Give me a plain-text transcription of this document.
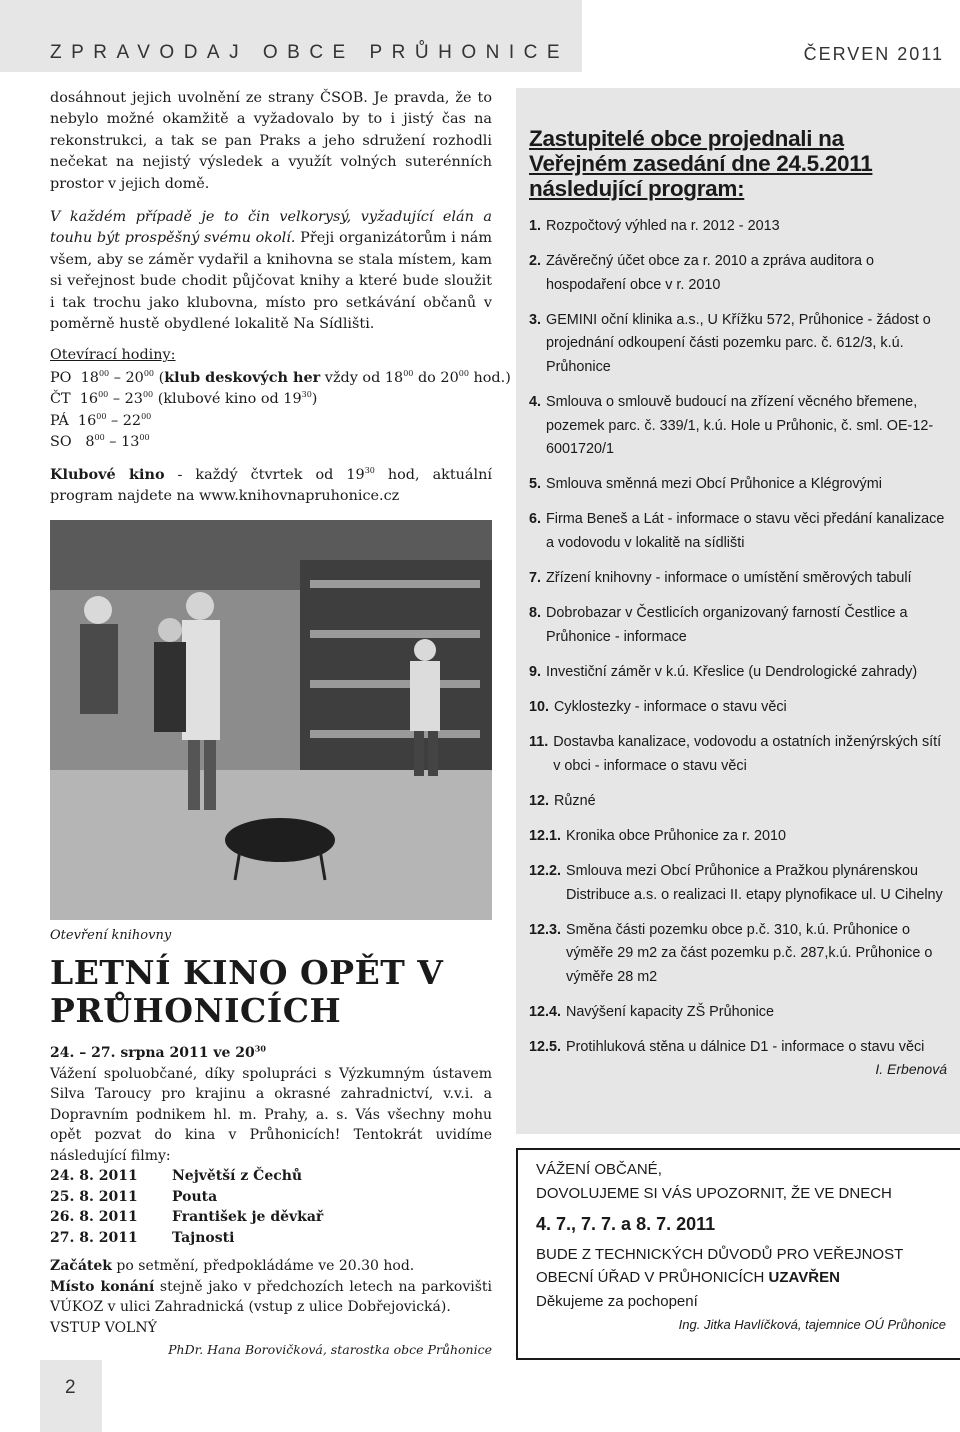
ZPRAVODAJ OBCE PRŮHONICE	ČERVEN 2011

dosáhnout jejich uvolnění ze strany ČSOB. Je pravda, že to nebylo možné okamžitě a vyžadovalo by to i jistý čas na rekonstrukci, a tak se pan Praks a jeho sdružení rozhodli nečekat na nejistý výsledek a využít volných suterénních prostor v jejich domě.

V každém případě je to čin velkorysý, vyžadující elán a touhu být prospěšný svému okolí. Přeji organizátorům i nám všem, aby se záměr vydařil a knihovna se stala místem, kam si veřejnost bude chodit půjčovat knihy a které bude sloužit i tak trochu jako klubovna, místo pro setkávání občanů v poměrně hustě obydlené lokalitě Na Sídlišti.

Otevírací hodiny:
PO $18^{00} - 20^{00}$ (klub deskových her vždy od $18^{00}$ do $20^{00}$ hod.)
ČT $16^{00} - 23^{00}$ (klubové kino od $19^{30}$)
PÁ $16^{00} - 22^{00}$
SO $8^{00} - 13^{00}$

Klubové kino - každý čtvrtek od $19^{30}$ hod, aktuální program najdete na www.knihovnapruhonice.cz

Otevření knihovny
LETNÍ KINO OPĚT V PRŮHONICÍCH
24. – 27. srpna 2011 ve $20^{30}$

Vážení spoluobčané, díky spolupráci s Výzkumným ústavem Silva Taroucy pro krajinu a okrasné zahradnictví, v.v.i. a Dopravním podnikem hl. m. Prahy, a. s. Vás všechny mohu opět pozvat do kina v Průhonicích! Tentokrát uvidíme následující filmy:

24. 8. 2011	Největší z Čechů
25. 8. 2011	Pouta
26. 8. 2011	František je děvkař
27. 8. 2011	Tajnosti

Začátek po setmění, předpokládáme ve 20.30 hod.

Místo konání stejně jako v předchozích letech na parkovišti VÚKOZ v ulici Zahradnická (vstup z ulice Dobřejovická).

VSTUP VOLNÝ
PhDr. Hana Borovičková, starostka obce Průhonice
2
Zastupitelé obce projednali na Veřejném zasedání dne 24.5.2011 následující program:
1. Rozpočtový výhled na r. 2012 - 2013
2. Závěrečný účet obce za r. 2010 a zpráva auditora o hospodaření obce v r. 2010
3. GEMINI oční klinika a.s., U Křížku 572, Průhonice - žádost o projednání odkoupení části pozemku parc. č. 612/3, k.ú. Průhonice
4. Smlouva o smlouvě budoucí na zřízení věcného břemene, pozemek parc. č. 339/1, k.ú. Hole u Průhonic, č. sml. OE-12-6001720/1
5. Smlouva směnná mezi Obcí Průhonice a Klégrovými
6. Firma Beneš a Lát - informace o stavu věci předání kanalizace a vodovodu v lokalitě na sídlišti
7. Zřízení knihovny - informace o umístění směrových tabulí
8. Dobrobazar v Čestlicích organizovaný farností Čestlice a Průhonice - informace
9. Investiční záměr v k.ú. Křeslice (u Dendrologické zahrady)
10. Cyklostezky - informace o stavu věci
11. Dostavba kanalizace, vodovodu a ostatních inženýrských sítí v obci - informace o stavu věci
12. Různé
12.1. Kronika obce Průhonice za r. 2010
12.2. Smlouva mezi Obcí Průhonice a Pražkou plynárenskou Distribuce a.s. o realizaci II. etapy plynofikace ul. U Cihelny
12.3. Směna části pozemku obce p.č. 310, k.ú. Průhonice o výměře 29 m2 za část pozemku p.č. 287,k.ú. Průhonice o výměře 28 m2
12.4. Navýšení kapacity ZŠ Průhonice
12.5. Protihluková stěna u dálnice D1 - informace o stavu věci
I. Erbenová
VÁŽENÍ OBČANÉ,
DOVOLUJEME SI VÁS UPOZORNIT, ŽE VE DNECH
4. 7., 7. 7. a 8. 7. 2011
BUDE Z TECHNICKÝCH DŮVODŮ PRO VEŘEJNOST OBECNÍ ÚŘAD V PRŮHONICÍCH UZAVŘEN
Děkujeme za pochopení
Ing. Jitka Havlíčková, tajemnice OÚ Průhonice
